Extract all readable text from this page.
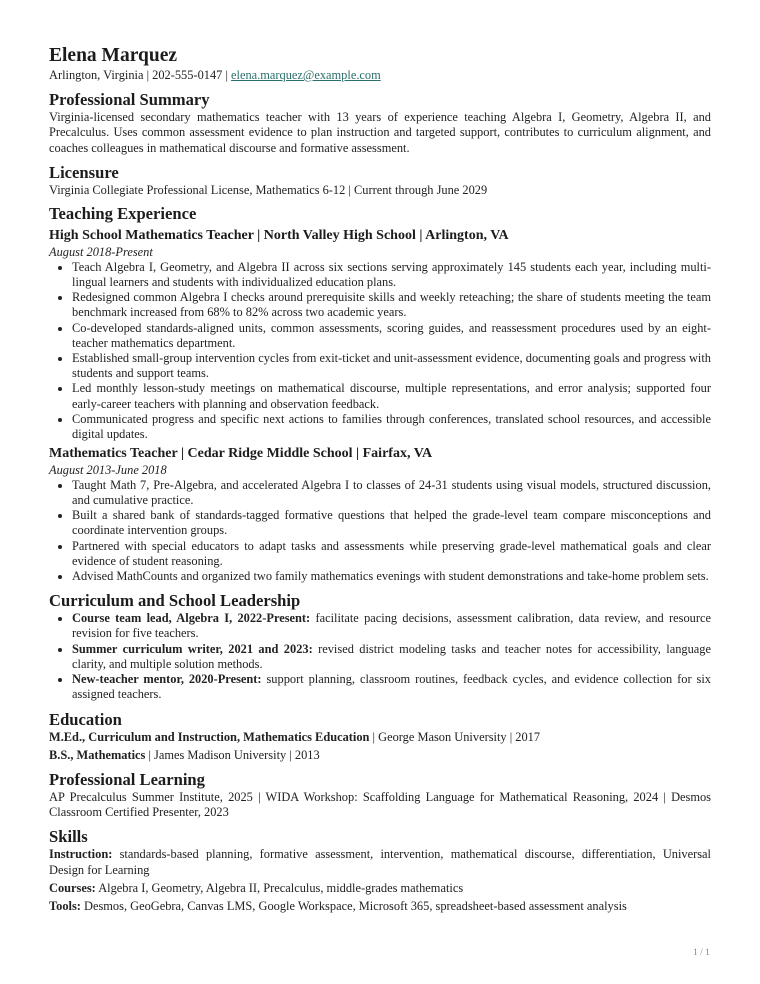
Elena Marquez
Arlington, Virginia | 202-555-0147 | elena.marquez@example.com
Professional Summary

Virginia-licensed secondary mathematics teacher with 13 years of experience teaching Algebra I, Geometry, Algebra II, and Precalculus. Uses common assessment evidence to plan instruction and targeted support, contributes to curriculum alignment, and coaches colleagues in mathematical discourse and formative assessment.

Licensure

Virginia Collegiate Professional License, Mathematics 6-12 | Current through June 2029

Teaching Experience
High School Mathematics Teacher | North Valley High School | Arlington, VA
August 2018-Present
• Teach Algebra I, Geometry, and Algebra II across six sections serving approximately 145 students each year, including multilingual learners and students with individualized education plans.
• Redesigned common Algebra I checks around prerequisite skills and weekly reteaching; the share of students meeting the team benchmark increased from 68% to 82% across two academic years.
• Co-developed standards-aligned units, common assessments, scoring guides, and reassessment procedures used by an eight-teacher mathematics department.
• Established small-group intervention cycles from exit-ticket and unit-assessment evidence, documenting goals and progress with students and support teams.
• Led monthly lesson-study meetings on mathematical discourse, multiple representations, and error analysis; supported four early-career teachers with planning and observation feedback.
• Communicated progress and specific next actions to families through conferences, translated school resources, and accessible digital updates.
Mathematics Teacher | Cedar Ridge Middle School | Fairfax, VA
August 2013-June 2018
• Taught Math 7, Pre-Algebra, and accelerated Algebra I to classes of 24-31 students using visual models, structured discussion, and cumulative practice.
• Built a shared bank of standards-tagged formative questions that helped the grade-level team compare misconceptions and coordinate intervention groups.
• Partnered with special educators to adapt tasks and assessments while preserving grade-level mathematical goals and clear evidence of student reasoning.
• Advised MathCounts and organized two family mathematics evenings with student demonstrations and take-home problem sets.
Curriculum and School Leadership
• Course team lead, Algebra I, 2022-Present: facilitate pacing decisions, assessment calibration, data review, and resource revision for five teachers.
• Summer curriculum writer, 2021 and 2023: revised district modeling tasks and teacher notes for accessibility, language clarity, and multiple solution methods.
• New-teacher mentor, 2020-Present: support planning, classroom routines, feedback cycles, and evidence collection for six assigned teachers.
Education
M.Ed., Curriculum and Instruction, Mathematics Education | George Mason University | 2017
B.S., Mathematics | James Madison University | 2013
Professional Learning

AP Precalculus Summer Institute, 2025 | WIDA Workshop: Scaffolding Language for Mathematical Reasoning, 2024 | Desmos Classroom Certified Presenter, 2023

Skills

Instruction: standards-based planning, formative assessment, intervention, mathematical discourse, differentiation, Universal Design for Learning

Courses: Algebra I, Geometry, Algebra II, Precalculus, middle-grades mathematics

Tools: Desmos, GeoGebra, Canvas LMS, Google Workspace, Microsoft 365, spreadsheet-based assessment analysis

1 / 1
